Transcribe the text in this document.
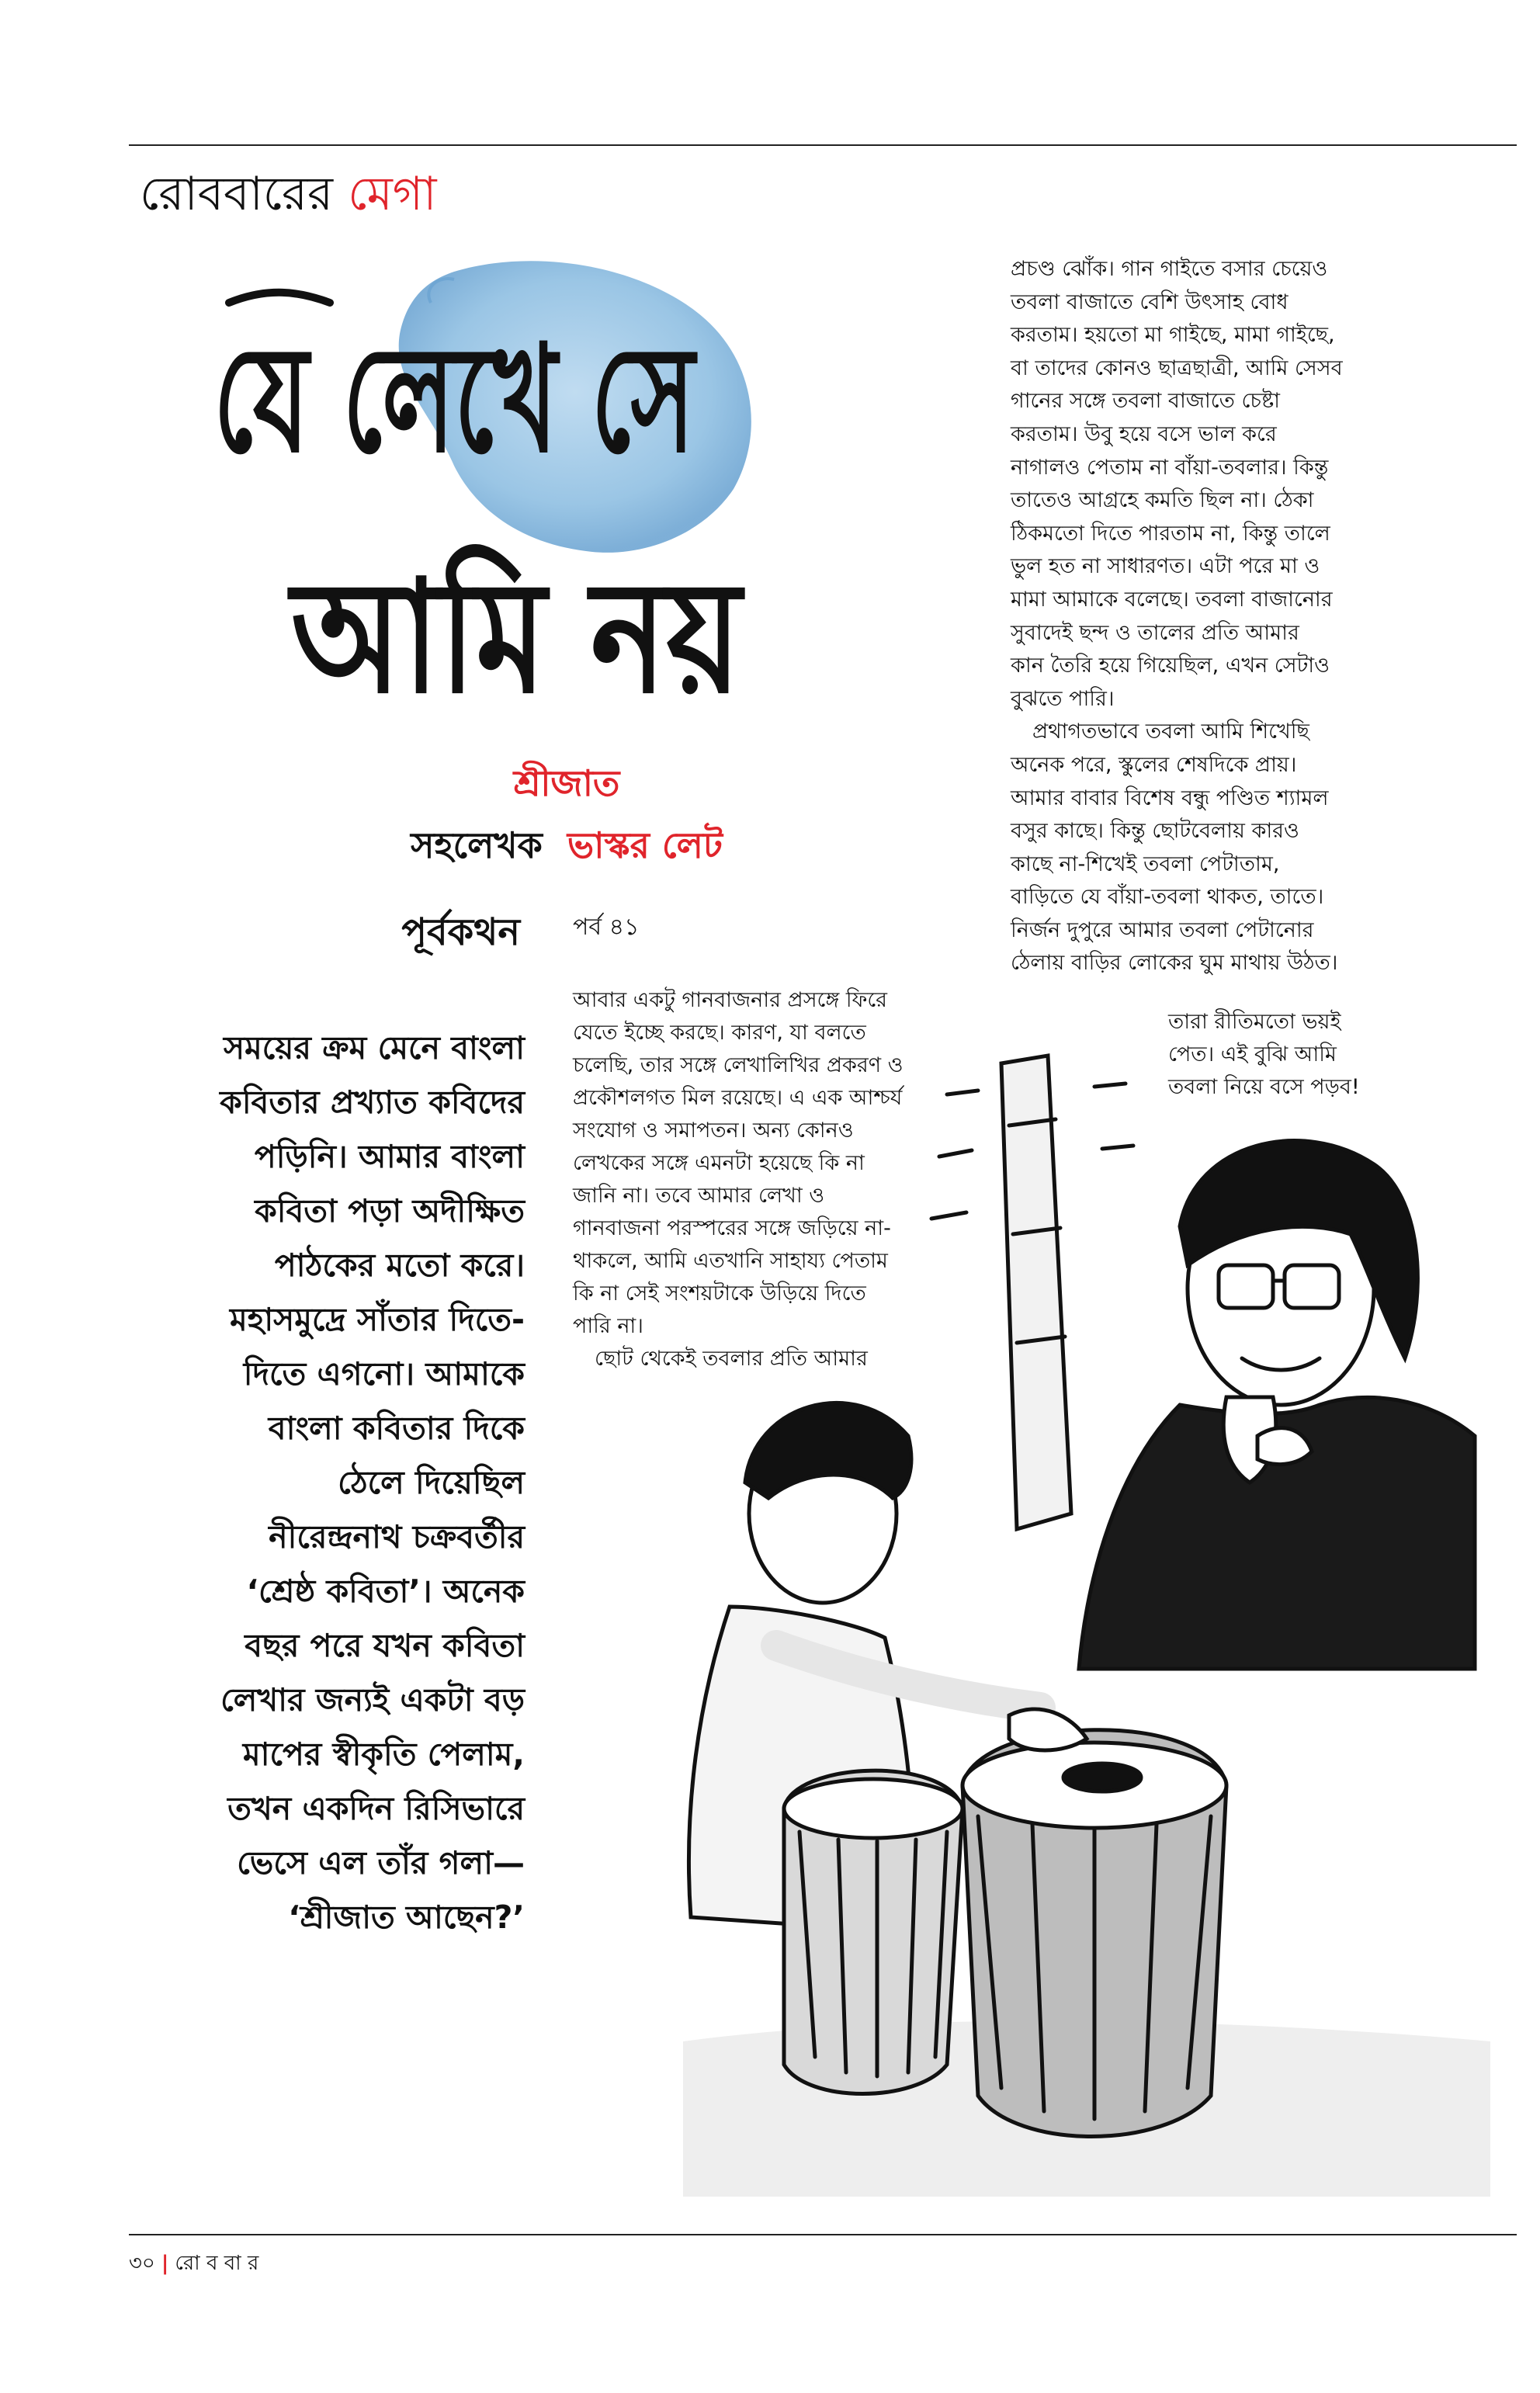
রোববারের মেগা
যে লেখে সে
আমি নয়
শ্রীজাত
সহলেখক ভাস্কর লেট
পূর্বকথন পর্ব ৪১
সময়ের ক্রম মেনে বাংলা
কবিতার প্রখ্যাত কবিদের
পড়িনি। আমার বাংলা
কবিতা পড়া অদীক্ষিত
পাঠকের মতো করে।
মহাসমুদ্রে সাঁতার দিতে-
দিতে এগনো। আমাকে
বাংলা কবিতার দিকে
ঠেলে দিয়েছিল
নীরেন্দ্রনাথ চক্রবর্তীর
‘শ্রেষ্ঠ কবিতা’। অনেক
বছর পরে যখন কবিতা
লেখার জন্যই একটা বড়
মাপের স্বীকৃতি পেলাম,
তখন একদিন রিসিভারে
ভেসে এল তাঁর গলা—
‘শ্রীজাত আছেন?’
আবার একটু গানবাজনার প্রসঙ্গে ফিরে
যেতে ইচ্ছে করছে। কারণ, যা বলতে
চলেছি, তার সঙ্গে লেখালিখির প্রকরণ ও
প্রকৌশলগত মিল রয়েছে। এ এক আশ্চর্য
সংযোগ ও সমাপতন। অন্য কোনও
লেখকের সঙ্গে এমনটা হয়েছে কি না
জানি না। তবে আমার লেখা ও
গানবাজনা পরস্পরের সঙ্গে জড়িয়ে না-
থাকলে, আমি এতখানি সাহায্য পেতাম
কি না সেই সংশয়টাকে উড়িয়ে দিতে
পারি না।
ছোট থেকেই তবলার প্রতি আমার
প্রচণ্ড ঝোঁক। গান গাইতে বসার চেয়েও
তবলা বাজাতে বেশি উৎসাহ বোধ
করতাম। হয়তো মা গাইছে, মামা গাইছে,
বা তাদের কোনও ছাত্রছাত্রী, আমি সেসব
গানের সঙ্গে তবলা বাজাতে চেষ্টা
করতাম। উবু হয়ে বসে ভাল করে
নাগালও পেতাম না বাঁয়া-তবলার। কিন্তু
তাতেও আগ্রহে কমতি ছিল না। ঠেকা
ঠিকমতো দিতে পারতাম না, কিন্তু তালে
ভুল হত না সাধারণত। এটা পরে মা ও
মামা আমাকে বলেছে। তবলা বাজানোর
সুবাদেই ছন্দ ও তালের প্রতি আমার
কান তৈরি হয়ে গিয়েছিল, এখন সেটাও
বুঝতে পারি।
প্রথাগতভাবে তবলা আমি শিখেছি
অনেক পরে, স্কুলের শেষদিকে প্রায়।
আমার বাবার বিশেষ বন্ধু পণ্ডিত শ্যামল
বসুর কাছে। কিন্তু ছোটবেলায় কারও
কাছে না-শিখেই তবলা পেটাতাম,
বাড়িতে যে বাঁয়া-তবলা থাকত, তাতে।
নির্জন দুপুরে আমার তবলা পেটানোর
ঠেলায় বাড়ির লোকের ঘুম মাথায় উঠত।
তারা রীতিমতো ভয়ই
পেত। এই বুঝি আমি
তবলা নিয়ে বসে পড়ব!
৩০ | রো ব বা র
